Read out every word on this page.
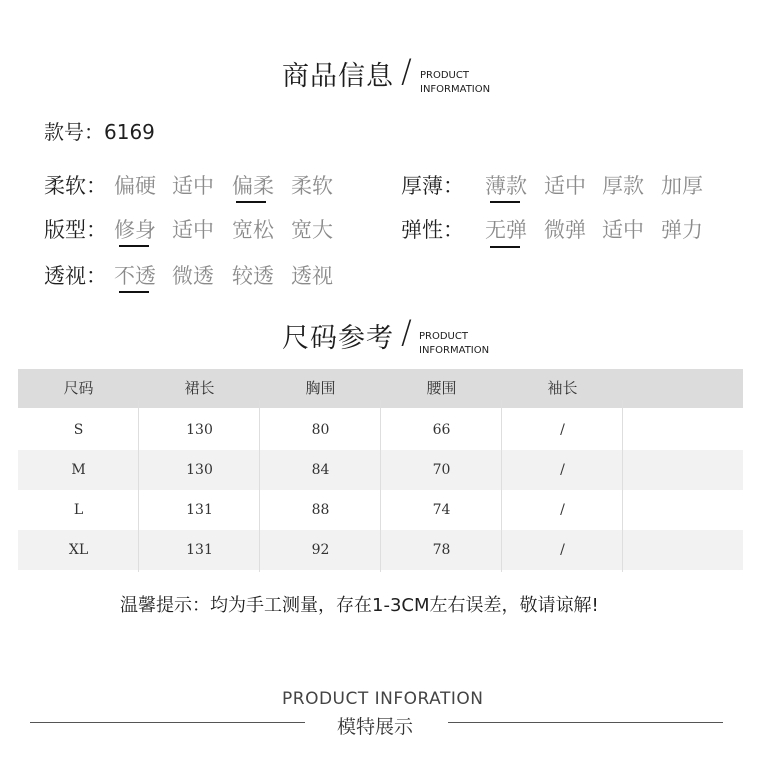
商品信息 / PRODUCT
INFORMATION
款号：6169
柔软： 偏硬 适中 偏柔 柔软	厚薄： 薄款 适中 厚款 加厚
版型： 修身 适中 宽松 宽大	弹性： 无弹 微弹 适中 弹力
透视： 不透 微透 较透 透视
尺码参考 / PRODUCT
INFORMATION
尺码	裙长	胸围	腰围	袖长
S	130	80	66	/
M	130	84	70	/
L	131	88	74	/
XL	131	92	78	/
温馨提示：均为手工测量，存在1-3CM左右误差，敬请谅解!
PRODUCT INFORATION
模特展示
